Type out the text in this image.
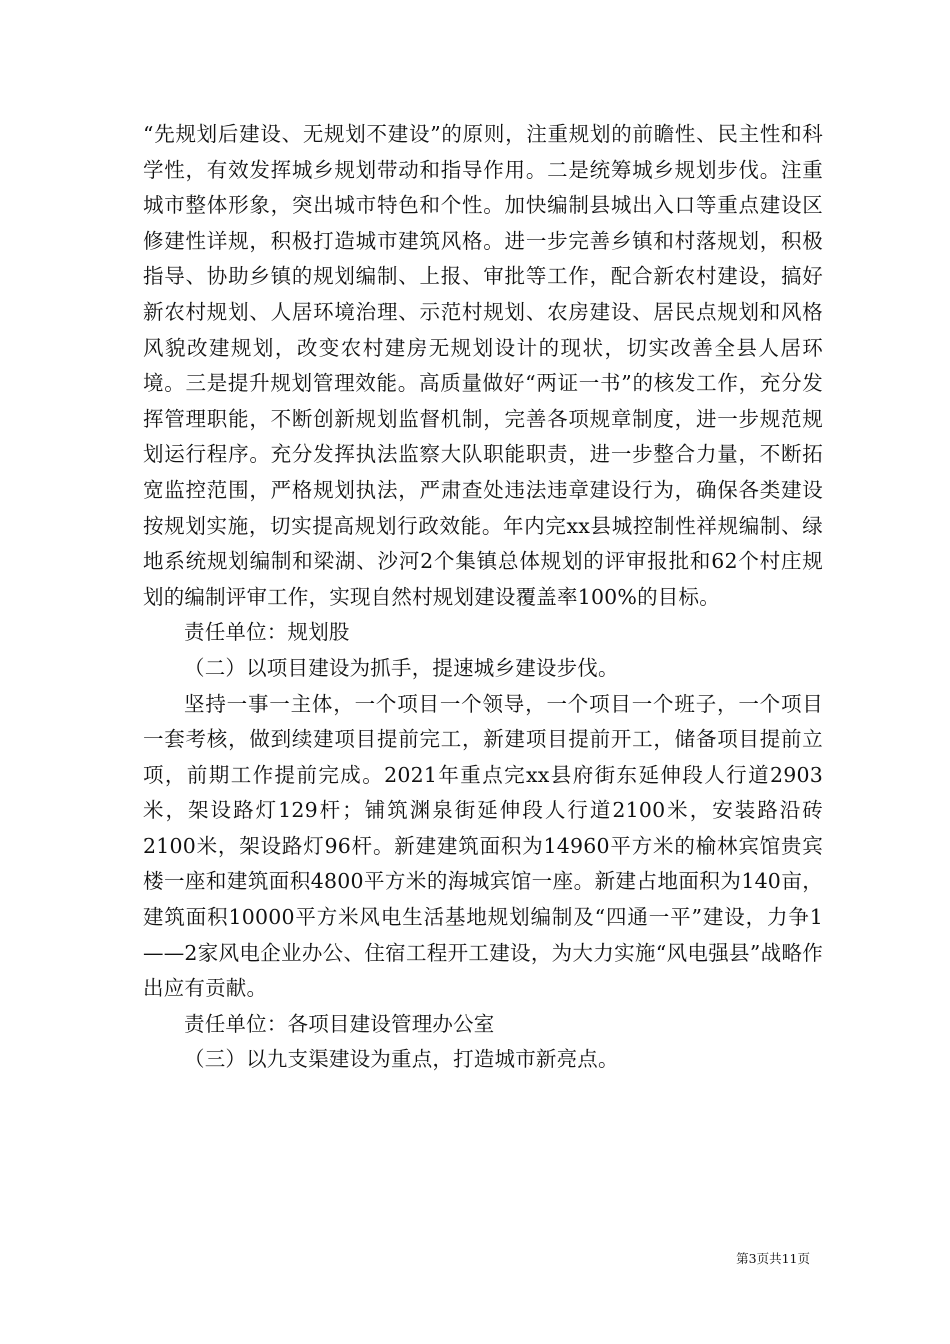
“先规划后建设、无规划不建设”的原则，注重规划的前瞻性、民主性和科学性，有效发挥城乡规划带动和指导作用。二是统筹城乡规划步伐。注重城市整体形象，突出城市特色和个性。加快编制县城出入口等重点建设区修建性详规，积极打造城市建筑风格。进一步完善乡镇和村落规划，积极指导、协助乡镇的规划编制、上报、审批等工作，配合新农村建设，搞好新农村规划、人居环境治理、示范村规划、农房建设、居民点规划和风格风貌改建规划，改变农村建房无规划设计的现状，切实改善全县人居环境。三是提升规划管理效能。高质量做好“两证一书”的核发工作，充分发挥管理职能，不断创新规划监督机制，完善各项规章制度，进一步规范规划运行程序。充分发挥执法监察大队职能职责，进一步整合力量，不断拓宽监控范围，严格规划执法，严肃查处违法违章建设行为，确保各类建设按规划实施，切实提高规划行政效能。年内完xx县城控制性祥规编制、绿地系统规划编制和梁湖、沙河2个集镇总体规划的评审报批和62个村庄规划的编制评审工作，实现自然村规划建设覆盖率100%的目标。

责任单位：规划股

（二）以项目建设为抓手，提速城乡建设步伐。

坚持一事一主体，一个项目一个领导，一个项目一个班子，一个项目一套考核，做到续建项目提前完工，新建项目提前开工，储备项目提前立项，前期工作提前完成。2021年重点完xx县府街东延伸段人行道2903米，架设路灯129杆；铺筑渊泉街延伸段人行道2100米，安装路沿砖2100米，架设路灯96杆。新建建筑面积为14960平方米的榆林宾馆贵宾楼一座和建筑面积4800平方米的海城宾馆一座。新建占地面积为140亩，建筑面积10000平方米风电生活基地规划编制及“四通一平”建设，力争1——2家风电企业办公、住宿工程开工建设，为大力实施“风电强县”战略作出应有贡献。

责任单位：各项目建设管理办公室

（三）以九支渠建设为重点，打造城市新亮点。

第3页共11页
